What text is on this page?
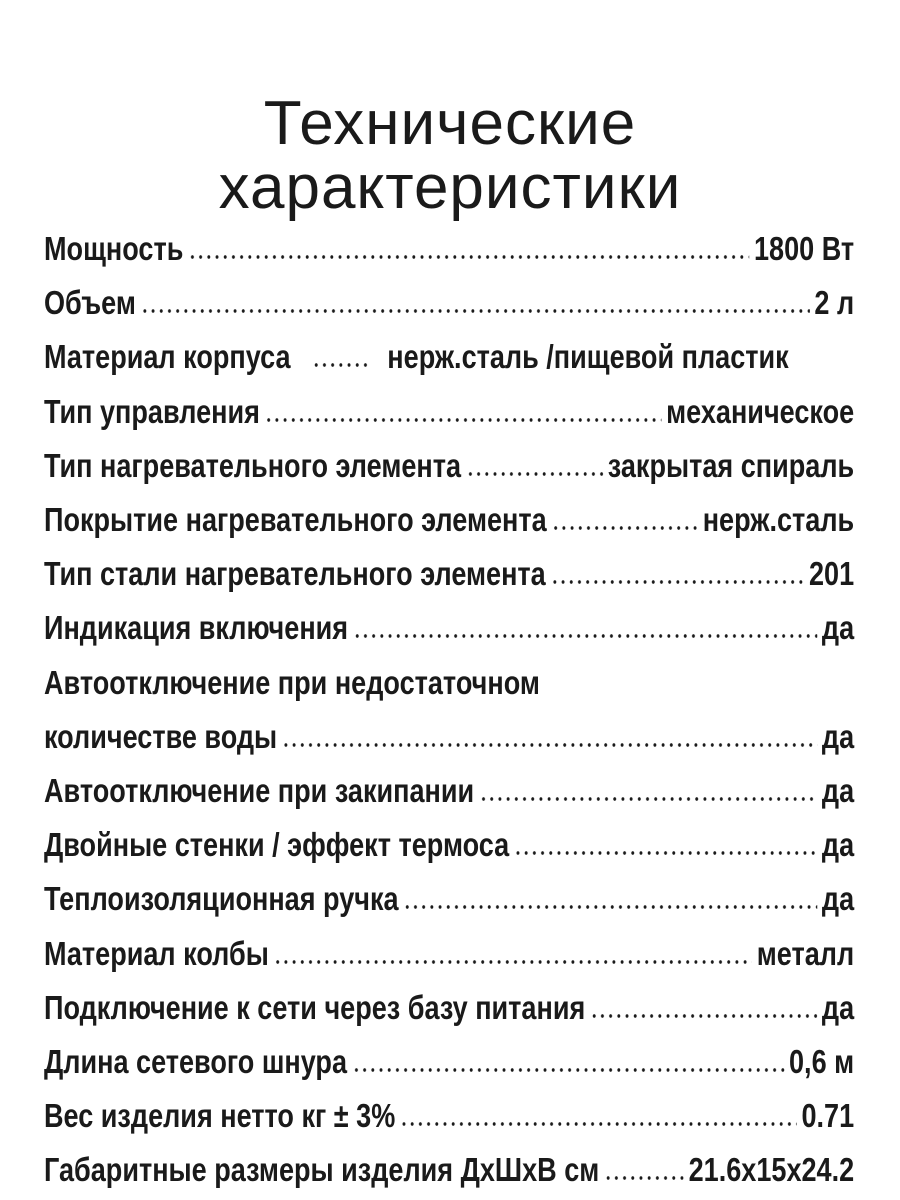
Технические
характеристики
Мощность	1800 Вт
Объем	2 л
Материал корпуса	нерж.сталь /пищевой пластик
Тип управления	механическое
Тип нагревательного элемента	закрытая спираль
Покрытие нагревательного элемента	нерж.сталь
Тип стали нагревательного элемента	201
Индикация включения	да
Автоотключение при недостаточном
количестве воды	да
Автоотключение при закипании	да
Двойные стенки / эффект термоса	да
Теплоизоляционная ручка	да
Материал колбы	металл
Подключение к сети через базу питания	да
Длина сетевого шнура	0,6 м
Вес изделия нетто кг ± 3%	0.71
Габаритные размеры изделия ДхШхВ см	21.6х15х24.2
